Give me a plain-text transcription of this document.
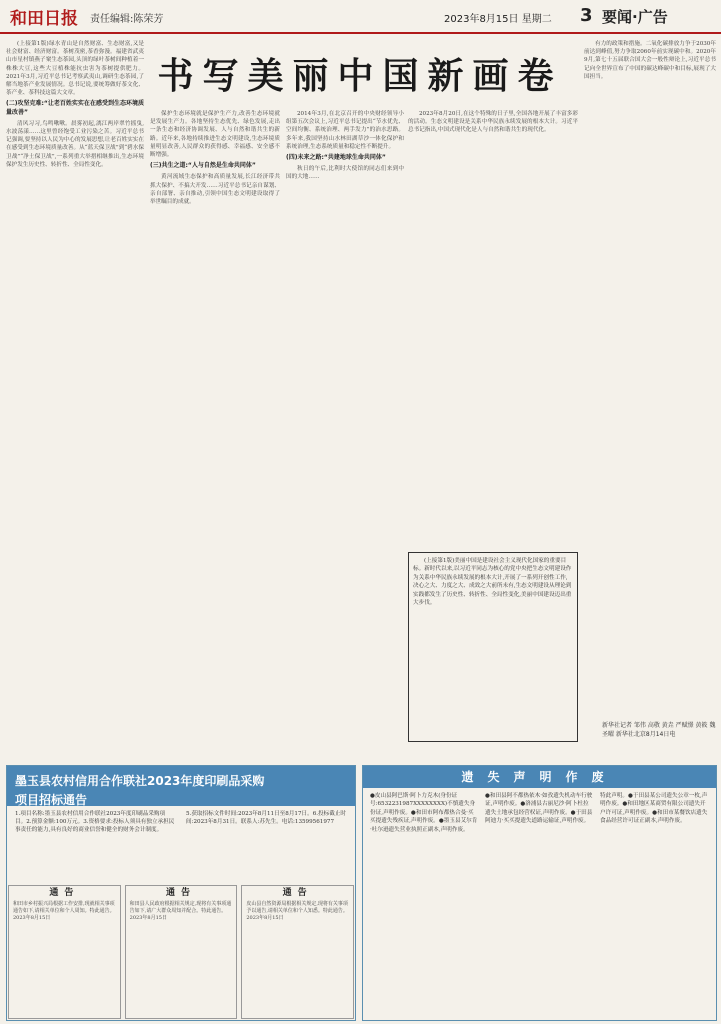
和田日报 责任编辑:陈荣芳	2023年8月15日 星期二 3 要闻·广告

(上接第1版)绿水青山是自然财富、生态财富,又是社会财富、经济财富。茶树茂密,茶香弥漫。福建省武夷山市星村镇燕子窠生态茶园,头顶的绿叶茶树间种植着一株株大豆,这些大豆植株能抗虫害为茶树提供肥力。2021年3月,习近平总书记考察武夷山,调研生态茶园,了解当地茶产业发展情况。总书记说,要统筹做好茶文化、茶产业、茶科技这篇大文章。

(二)攻坚克难:“让老百姓实实在在感受到生态环境质量改善”

清风习习,鸟鸣啾啾。晨雾初起,漓江两岸翠竹摇曳,水波荡漾……这里曾经饱受工业污染之苦。习近平总书记强调,要坚持以人民为中心的发展思想,让老百姓实实在在感受到生态环境质量改善。从“蓝天保卫战”到“碧水保卫战”“净土保卫战”,一系列重大举措相继推出,生态环境保护发生历史性、转折性、全局性变化。

书写美丽中国新画卷

保护生态环境就是保护生产力,改善生态环境就是发展生产力。各地坚持生态优先、绿色发展,走出一条生态和经济协调发展、人与自然和谐共生的新路。近年来,各地持续推进生态文明建设,生态环境质量明显改善,人民群众的获得感、幸福感、安全感不断增强。

(三)共生之道:“人与自然是生命共同体”

黄河流域生态保护和高质量发展,长江经济带共抓大保护、不搞大开发……习近平总书记亲自谋划、亲自部署、亲自推动,引领中国生态文明建设取得了举世瞩目的成就。

2014年3月,在北京召开的中央财经领导小组第五次会议上,习近平总书记提出“节水优先、空间均衡、系统治理、两手发力”的治水思路。多年来,我国坚持山水林田湖草沙一体化保护和系统治理,生态系统质量和稳定性不断提升。

(四)未来之路:“共建地球生命共同体”

秋日的午后,比利时大使馆的同志们来到中国的大地……

2023年8月20日,在这个特殊的日子里,全国各地开展了丰富多彩的活动。生态文明建设是关系中华民族永续发展的根本大计。习近平总书记指出,中国式现代化是人与自然和谐共生的现代化。

有力的政策和措施。二氧化碳排放力争于2030年前达到峰值,努力争取2060年前实现碳中和。2020年9月,第七十五届联合国大会一般性辩论上,习近平总书记向全世界宣布了中国的碳达峰碳中和目标,展现了大国担当。

(上接第1版)美丽中国是建设社会主义现代化国家的重要目标。新时代以来,以习近平同志为核心的党中央把生态文明建设作为关系中华民族永续发展的根本大计,开展了一系列开创性工作,决心之大、力度之大、成效之大前所未有,生态文明建设从理论到实践都发生了历史性、转折性、全局性变化,美丽中国建设迈出重大步伐。

新华社记者 邹伟 高敬 黄垚 严赋憬 黄筱 魏圣曜 新华社北京8月14日电
墨玉县农村信用合作联社2023年度印刷品采购
项目招标通告
1.项目名称:墨玉县农村信用合作联社2023年度印刷品采购项目。2.预算金额:100万元。3.资格要求:投标人须具有独立承担民事责任的能力,具有良好的商业信誉和健全的财务会计制度。
5.获取招标文件时间:2023年8月11日至8月17日。6.投标截止时间:2023年8月31日。联系人:苏先生。电话:13599561977
通告
和田市乡村振兴局根据工作安排,现就相关事项通告如下,请相关单位和个人周知。特此通告。2023年8月15日
通告
和田县人民政府根据相关规定,现将有关事项通告如下,请广大群众周知并配合。特此通告。2023年8月15日
通告
皮山县自然资源局根据相关规定,现将有关事项予以通告,请相关单位和个人知悉。特此通告。2023年8月15日
遗失声明作废
●皮山县阿巴斯·阿卜力克木(身份证号:6532231987XXXXXXXX)不慎遗失身份证,声明作废。●和田市阿布都热合曼·买买提遗失残疾证,声明作废。●墨玉县艾尔肯·吐尔逊遗失营业执照正副本,声明作废。
●和田县阿不都热依木·如孜遗失机动车行驶证,声明作废。●洛浦县古丽尼沙·阿卜杜拉遗失土地承包经营权证,声明作废。●于田县阿迪力·买买提遗失道路运输证,声明作废。
特此声明。●于田县某公司遗失公章一枚,声明作废。●和田地区某商贸有限公司遗失开户许可证,声明作废。●和田市某餐饮店遗失食品经营许可证正副本,声明作废。
